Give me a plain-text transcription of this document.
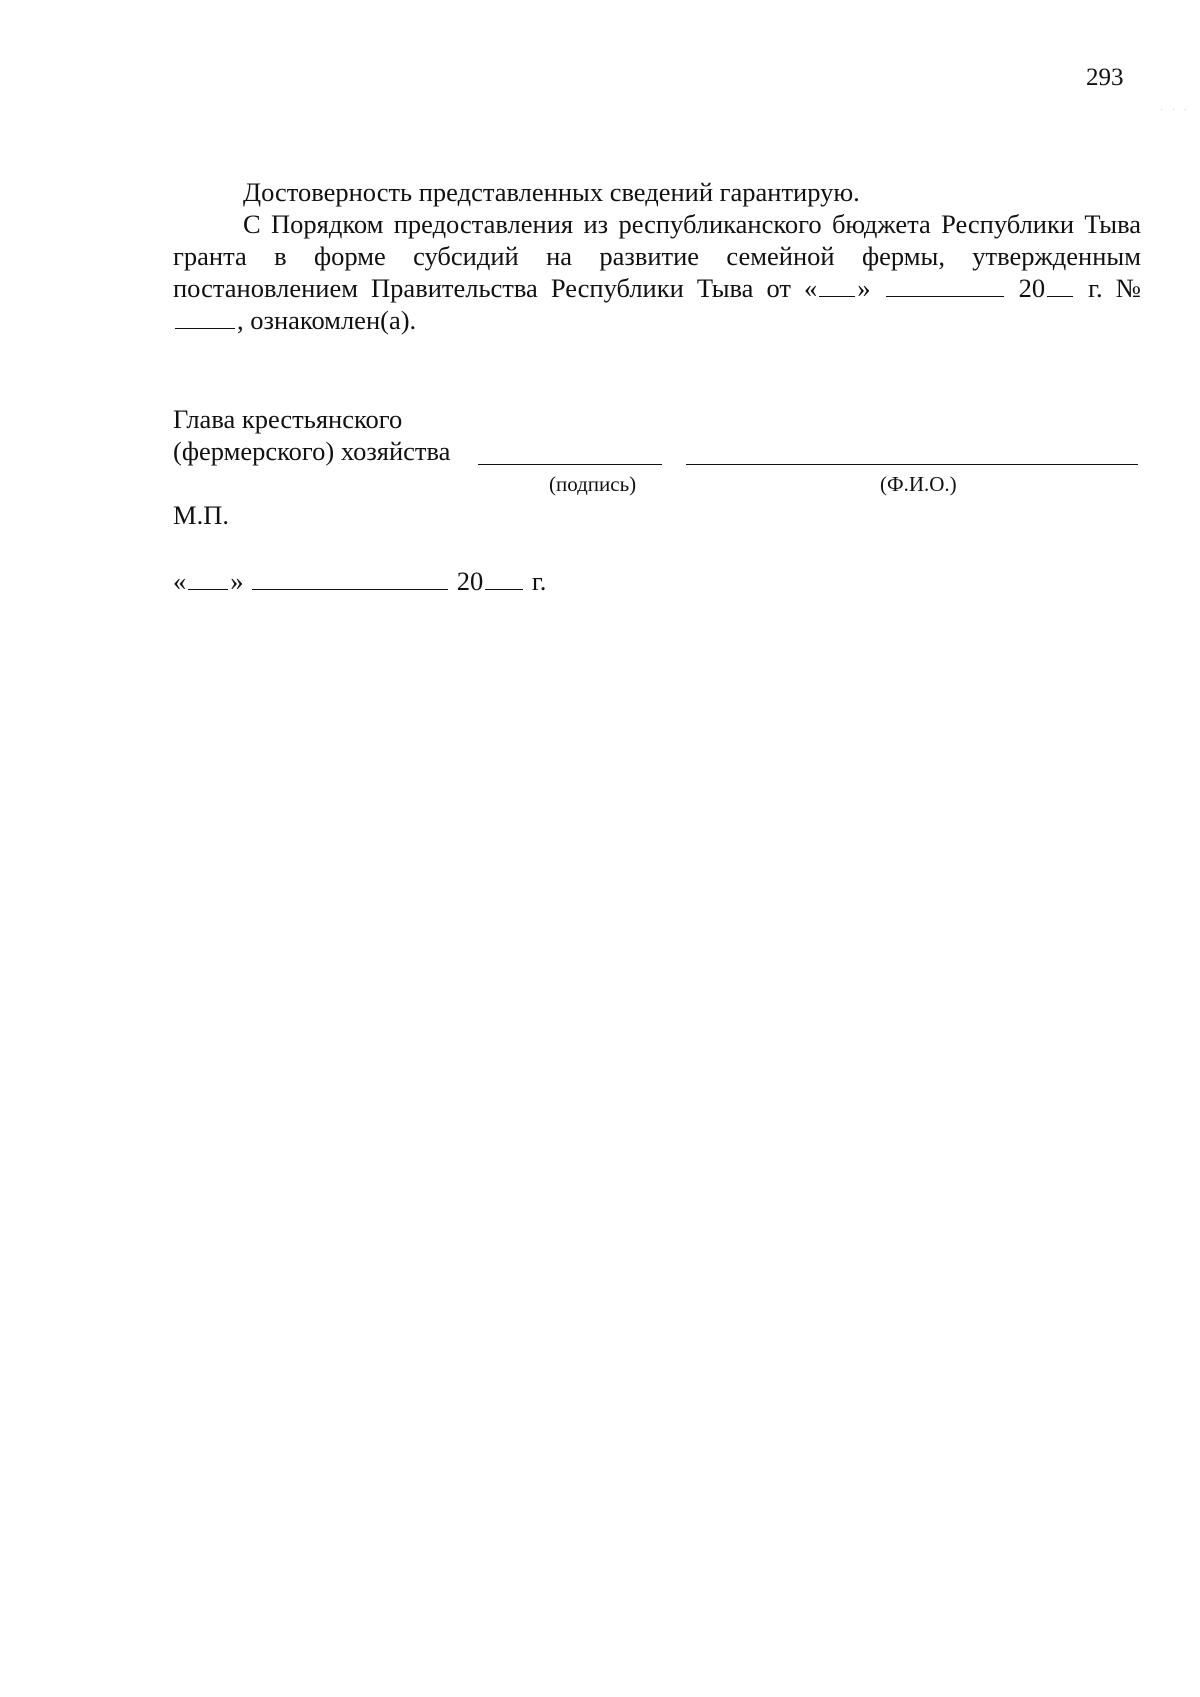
293
· · ·

Достоверность представленных сведений гарантирую.

С Порядком предоставления из республиканского бюджета Республики Тыва гранта в форме субсидий на развитие семейной фермы, утвержденным постановлением Правительства Республики Тыва от « »	20 г. № , ознакомлен(а).

Глава крестьянского
(фермерского) хозяйства
(подпись)	(Ф.И.О.)
М.П.
« »	20 г.
